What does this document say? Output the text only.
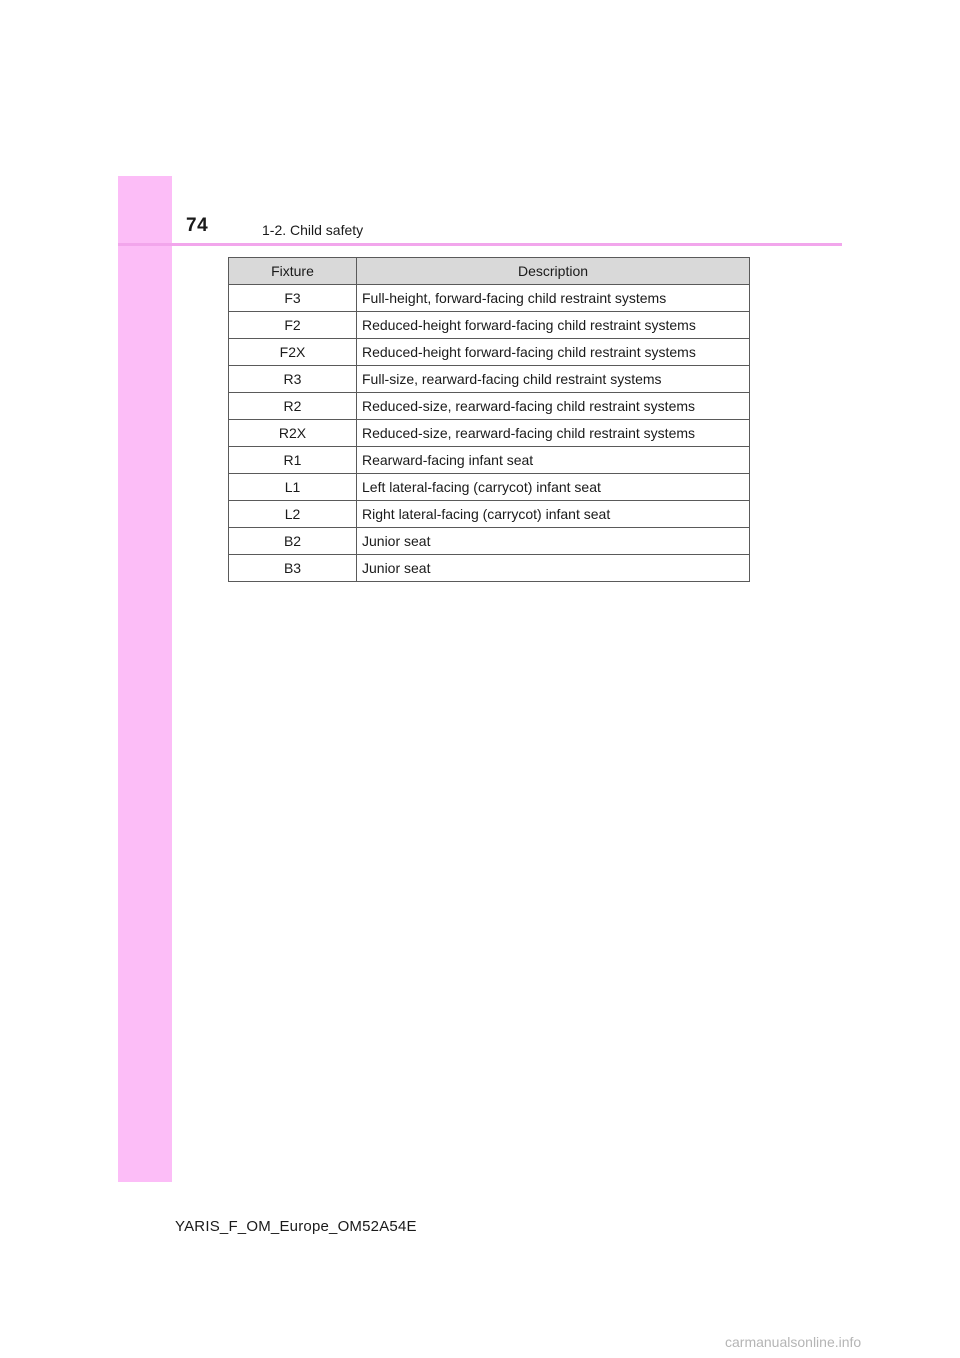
74	1-2. Child safety
Fixture	Description
F3	Full-height, forward-facing child restraint systems
F2	Reduced-height forward-facing child restraint systems
F2X	Reduced-height forward-facing child restraint systems
R3	Full-size, rearward-facing child restraint systems
R2	Reduced-size, rearward-facing child restraint systems
R2X	Reduced-size, rearward-facing child restraint systems
R1	Rearward-facing infant seat
L1	Left lateral-facing (carrycot) infant seat
L2	Right lateral-facing (carrycot) infant seat
B2	Junior seat
B3	Junior seat
YARIS_F_OM_Europe_OM52A54E
carmanualsonline.info
